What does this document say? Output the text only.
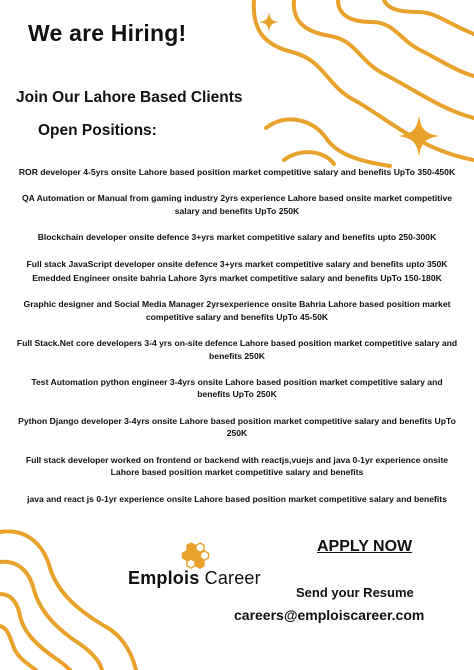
We are Hiring!
Join Our Lahore Based Clients
Open Positions:
ROR developer 4-5yrs onsite Lahore based position market competitive salary and benefits UpTo 350-450K
QA Automation or Manual from gaming industry 2yrs experience Lahore based onsite market competitive salary and benefits UpTo 250K
Blockchain developer onsite defence 3+yrs market competitive salary and benefits upto 250-300K
Full stack JavaScript developer onsite defence 3+yrs market competitive salary and benefits upto 350K
Emedded Engineer onsite bahria Lahore 3yrs market competitive salary and benefits UpTo 150-180K
Graphic designer and Social Media Manager 2yrsexperience onsite Bahria Lahore based position market competitive salary and benefits UpTo 45-50K
Full Stack.Net core developers 3-4 yrs on-site defence Lahore based position market competitive salary and benefits 250K
Test Automation python engineer 3-4yrs onsite Lahore based position market competitive salary and benefits UpTo 250K
Python Django developer 3-4yrs onsite Lahore based position market competitive salary and benefits UpTo 250K
Full stack developer worked on frontend or backend with reactjs,vuejs and java 0-1yr experience onsite Lahore based position market competitive salary and benefits
java and react js 0-1yr experience onsite Lahore based position market competitive salary and benefits
Emplois Career
APPLY NOW
Send your Resume
careers@emploiscareer.com
